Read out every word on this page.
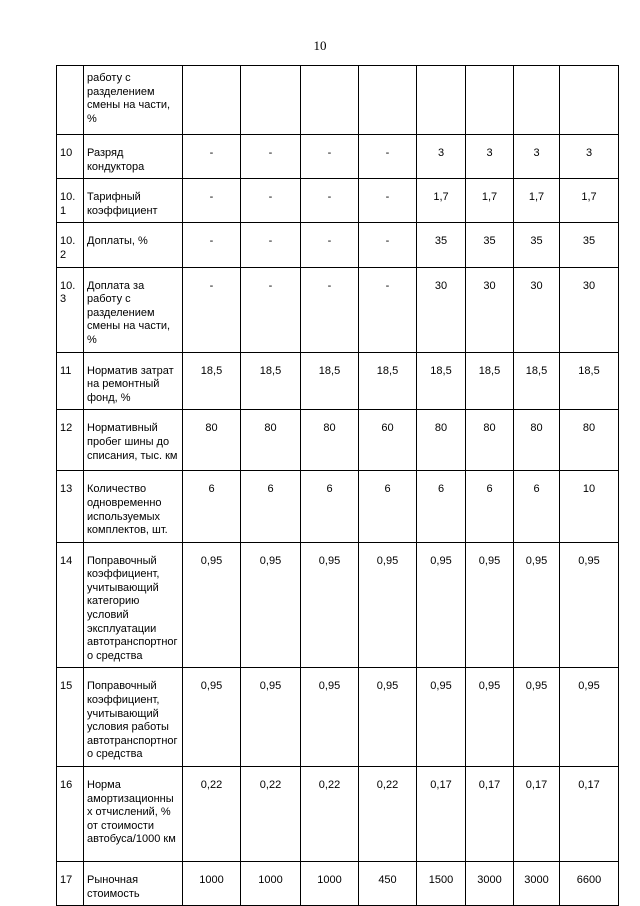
10
	работу с разделением смены на части, %								
10	Разряд кондуктора	-	-	-	-	3	3	3	3
10.1	Тарифный коэффициент	-	-	-	-	1,7	1,7	1,7	1,7
10.2	Доплаты, %	-	-	-	-	35	35	35	35
10.3	Доплата за работу с разделением смены на части, %	-	-	-	-	30	30	30	30
11	Норматив затрат на ремонтный фонд, %	18,5	18,5	18,5	18,5	18,5	18,5	18,5	18,5
12	Нормативный пробег шины до списания, тыс. км	80	80	80	60	80	80	80	80
13	Количество одновременно используемых комплектов, шт.	6	6	6	6	6	6	6	10
14	Поправочный коэффициент, учитывающий категорию условий эксплуатации автотранспортного средства	0,95	0,95	0,95	0,95	0,95	0,95	0,95	0,95
15	Поправочный коэффициент, учитывающий условия работы автотранспортного средства	0,95	0,95	0,95	0,95	0,95	0,95	0,95	0,95
16	Норма амортизационных отчислений, % от стоимости автобуса/1000 км	0,22	0,22	0,22	0,22	0,17	0,17	0,17	0,17
17	Рыночная стоимость	1000	1000	1000	450	1500	3000	3000	6600
